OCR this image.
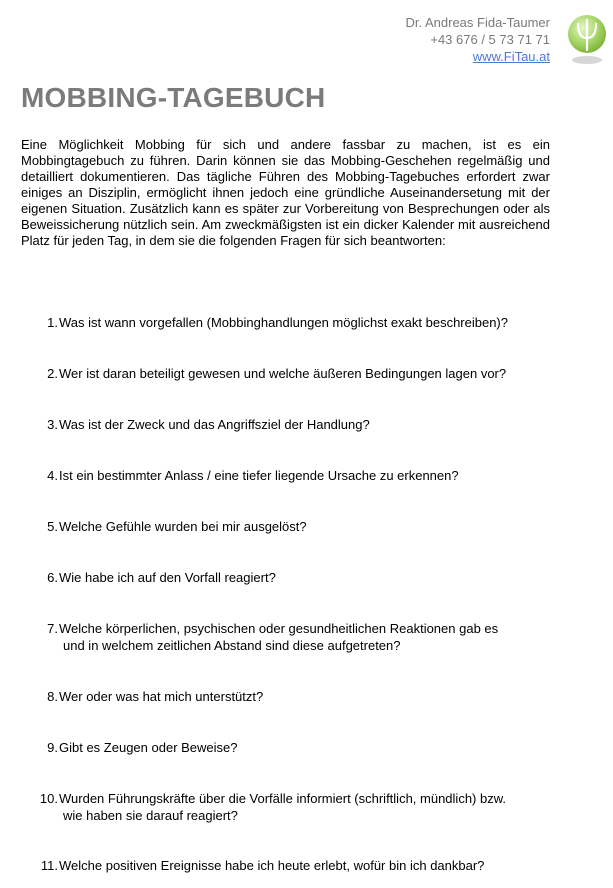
Dr. Andreas Fida-Taumer
+43 676 / 5 73 71 71
www.FiTau.at
MOBBING-TAGEBUCH

Eine Möglichkeit Mobbing für sich und andere fassbar zu machen, ist es ein Mobbingtagebuch zu führen. Darin können sie das Mobbing-Geschehen regelmäßig und detailliert dokumentieren. Das tägliche Führen des Mobbing-Tagebuches erfordert zwar einiges an Disziplin, ermöglicht ihnen jedoch eine gründliche Auseinandersetung mit der eigenen Situation. Zusätzlich kann es später zur Vorbereitung von Besprechungen oder als Beweissicherung nützlich sein. Am zweckmäßigsten ist ein dicker Kalender mit ausreichend Platz für jeden Tag, in dem sie die folgenden Fragen für sich beantworten:

1. Was ist wann vorgefallen (Mobbinghandlungen möglichst exakt beschreiben)?
2. Wer ist daran beteiligt gewesen und welche äußeren Bedingungen lagen vor?
3. Was ist der Zweck und das Angriffsziel der Handlung?
4. Ist ein bestimmter Anlass / eine tiefer liegende Ursache zu erkennen?
5. Welche Gefühle wurden bei mir ausgelöst?
6. Wie habe ich auf den Vorfall reagiert?
7. Welche körperlichen, psychischen oder gesundheitlichen Reaktionen gab es
und in welchem zeitlichen Abstand sind diese aufgetreten?
8. Wer oder was hat mich unterstützt?
9. Gibt es Zeugen oder Beweise?
10. Wurden Führungskräfte über die Vorfälle informiert (schriftlich, mündlich) bzw.
wie haben sie darauf reagiert?
11. Welche positiven Ereignisse habe ich heute erlebt, wofür bin ich dankbar?
